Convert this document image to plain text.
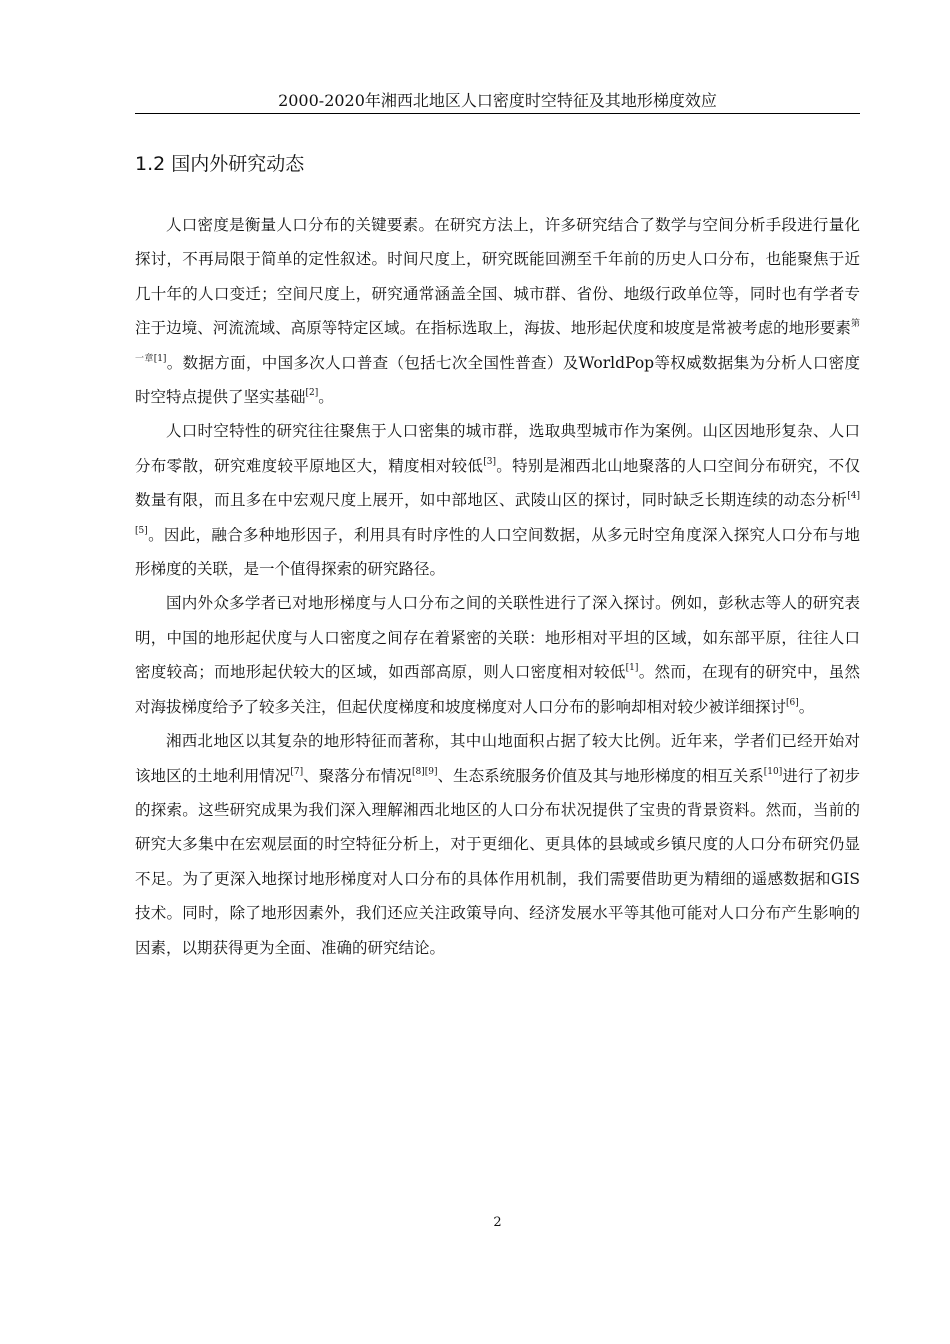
2000-2020年湘西北地区人口密度时空特征及其地形梯度效应
1.2 国内外研究动态

人口密度是衡量人口分布的关键要素。在研究方法上，许多研究结合了数学与空间分析手段进行量化探讨，不再局限于简单的定性叙述。时间尺度上，研究既能回溯至千年前的历史人口分布，也能聚焦于近几十年的人口变迁；空间尺度上，研究通常涵盖全国、城市群、省份、地级行政单位等，同时也有学者专注于边境、河流流域、高原等特定区域。在指标选取上，海拔、地形起伏度和坡度是常被考虑的地形要素$^{第一章[1]}$。数据方面，中国多次人口普查（包括七次全国性普查）及WorldPop等权威数据集为分析人口密度时空特点提供了坚实基础[2]。

人口时空特性的研究往往聚焦于人口密集的城市群，选取典型城市作为案例。山区因地形复杂、人口分布零散，研究难度较平原地区大，精度相对较低[3]。特别是湘西北山地聚落的人口空间分布研究，不仅数量有限，而且多在中宏观尺度上展开，如中部地区、武陵山区的探讨，同时缺乏长期连续的动态分析[4][5]。因此，融合多种地形因子，利用具有时序性的人口空间数据，从多元时空角度深入探究人口分布与地形梯度的关联，是一个值得探索的研究路径。

国内外众多学者已对地形梯度与人口分布之间的关联性进行了深入探讨。例如，彭秋志等人的研究表明，中国的地形起伏度与人口密度之间存在着紧密的关联：地形相对平坦的区域，如东部平原，往往人口密度较高；而地形起伏较大的区域，如西部高原，则人口密度相对较低[1]。然而，在现有的研究中，虽然对海拔梯度给予了较多关注，但起伏度梯度和坡度梯度对人口分布的影响却相对较少被详细探讨[6]。

湘西北地区以其复杂的地形特征而著称，其中山地面积占据了较大比例。近年来，学者们已经开始对该地区的土地利用情况[7]、聚落分布情况[8][9]、生态系统服务价值及其与地形梯度的相互关系[10]进行了初步的探索。这些研究成果为我们深入理解湘西北地区的人口分布状况提供了宝贵的背景资料。然而，当前的研究大多集中在宏观层面的时空特征分析上，对于更细化、更具体的县域或乡镇尺度的人口分布研究仍显不足。为了更深入地探讨地形梯度对人口分布的具体作用机制，我们需要借助更为精细的遥感数据和GIS技术。同时，除了地形因素外，我们还应关注政策导向、经济发展水平等其他可能对人口分布产生影响的因素，以期获得更为全面、准确的研究结论。

2
